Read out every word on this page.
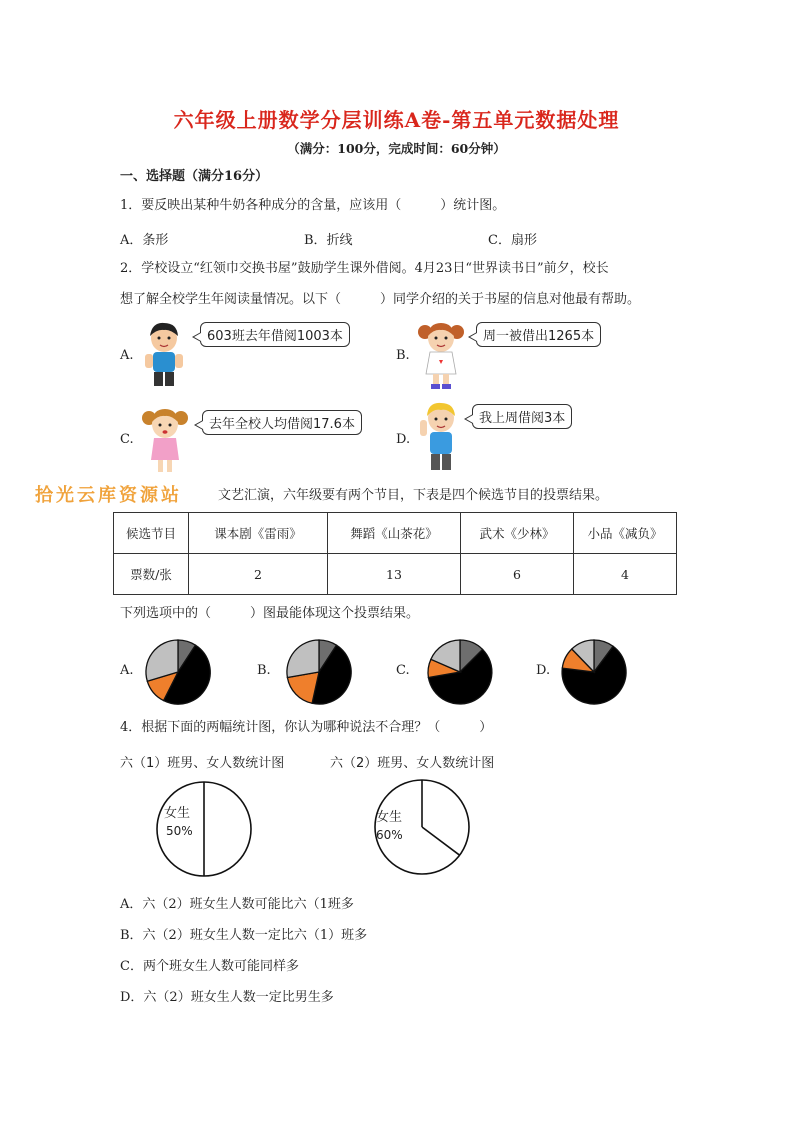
六年级上册数学分层训练A卷-第五单元数据处理
（满分：100分，完成时间：60分钟）
一、选择题（满分16分）
1．要反映出某种牛奶各种成分的含量，应该用（　　　）统计图。
A．条形	B．折线	C．扇形
2．学校设立“红领巾交换书屋”鼓励学生课外借阅。4月23日“世界读书日”前夕，校长
想了解全校学生年阅读量情况。以下（　　　）同学介绍的关于书屋的信息对他最有帮助。
A.
603班去年借阅1003本
B.
周一被借出1265本
C.
去年全校人均借阅17.6本
D.
我上周借阅3本
拾光云库资源站	文艺汇演，六年级要有两个节目，下表是四个候选节目的投票结果。
候选节目	课本剧《雷雨》	舞蹈《山茶花》	武术《少林》	小品《减负》
票数/张	2	13	6	4
下列选项中的（　　　）图最能体现这个投票结果。
A.	B.	C.	D.
4．根据下面的两幅统计图，你认为哪种说法不合理？（　　　）
六（1）班男、女人数统计图	六（2）班男、女人数统计图
女生
50%
女生
60%
A．六（2）班女生人数可能比六（1班多
B．六（2）班女生人数一定比六（1）班多
C．两个班女生人数可能同样多
D．六（2）班女生人数一定比男生多
